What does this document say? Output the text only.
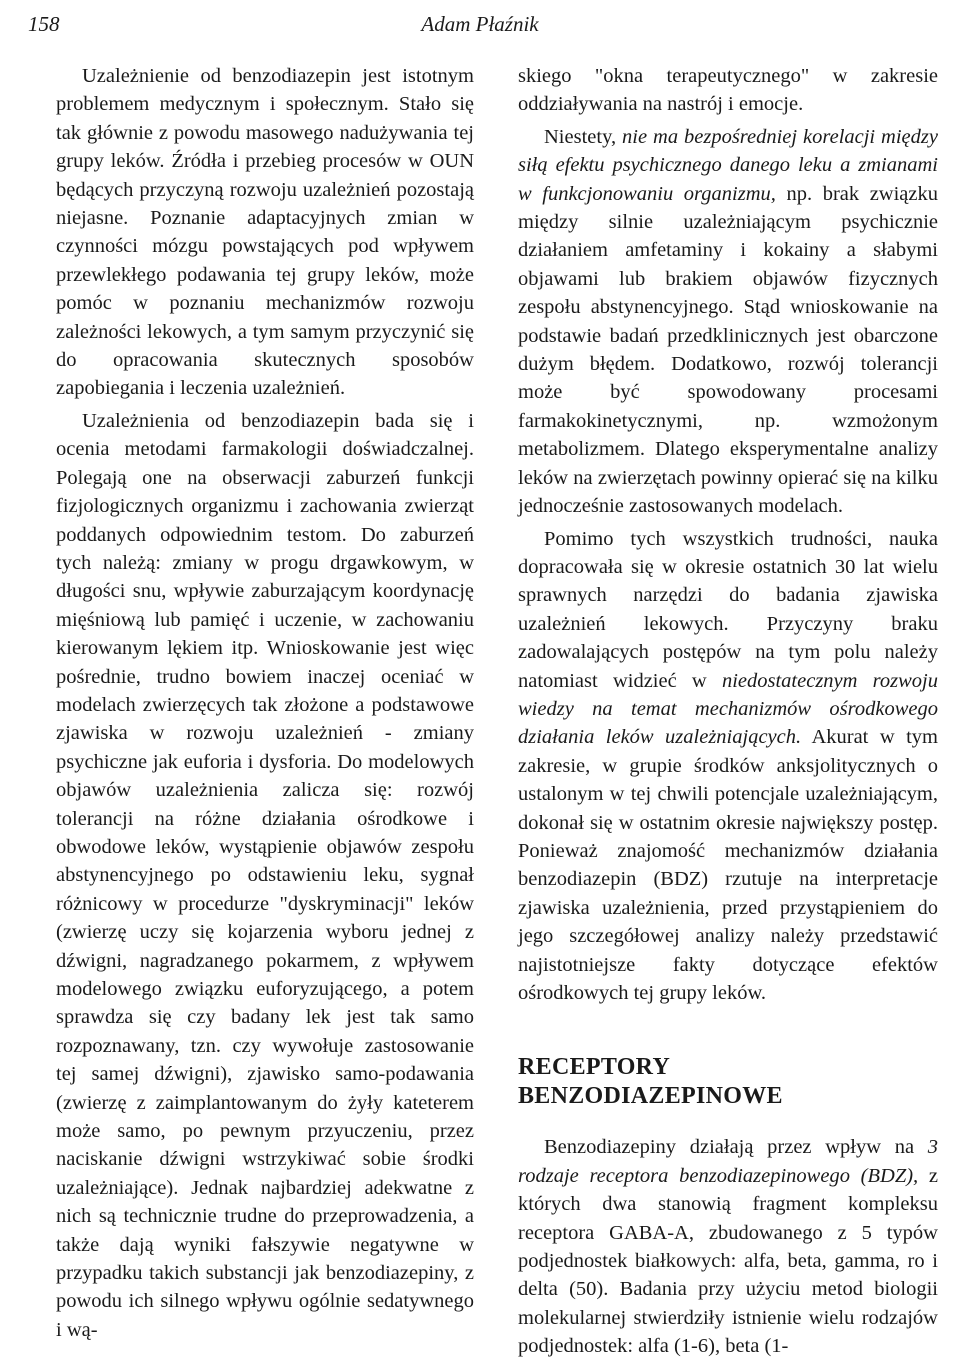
158	Adam Płaźnik

Uzależnienie od benzodiazepin jest istotnym problemem medycznym i społecznym. Stało się tak głównie z powodu masowego nadużywania tej grupy leków. Źródła i przebieg procesów w OUN będących przyczyną rozwoju uzależnień pozostają niejasne. Poznanie adaptacyjnych zmian w czynności mózgu powstających pod wpływem przewlekłego podawania tej grupy leków, może pomóc w poznaniu mechanizmów rozwoju zależności lekowych, a tym samym przyczynić się do opracowania skutecznych sposobów zapobiegania i leczenia uzależnień.

Uzależnienia od benzodiazepin bada się i ocenia metodami farmakologii doświadczalnej. Polegają one na obserwacji zaburzeń funkcji fizjologicznych organizmu i zachowania zwierząt poddanych odpowiednim testom. Do zaburzeń tych należą: zmiany w progu drgawkowym, w długości snu, wpływie zaburzającym koordynację mięśniową lub pamięć i uczenie, w zachowaniu kierowanym lękiem itp. Wnioskowanie jest więc pośrednie, trudno bowiem inaczej oceniać w modelach zwierzęcych tak złożone a podstawowe zjawiska w rozwoju uzależnień - zmiany psychiczne jak euforia i dysforia. Do modelowych objawów uzależnienia zalicza się: rozwój tolerancji na różne działania ośrodkowe i obwodowe leków, wystąpienie objawów zespołu abstynencyjnego po odstawieniu leku, sygnał różnicowy w procedurze "dyskryminacji" leków (zwierzę uczy się kojarzenia wyboru jednej z dźwigni, nagradzanego pokarmem, z wpływem modelowego związku euforyzującego, a potem sprawdza się czy badany lek jest tak samo rozpoznawany, tzn. czy wywołuje zastosowanie tej samej dźwigni), zjawisko samo-podawania (zwierzę z zaimplantowanym do żyły kateterem może samo, po pewnym przyuczeniu, przez naciskanie dźwigni wstrzykiwać sobie środki uzależniające). Jednak najbardziej adekwatne z nich są technicznie trudne do przeprowadzenia, a także dają wyniki fałszywie negatywne w przypadku takich substancji jak benzodiazepiny, z powodu ich silnego wpływu ogólnie sedatywnego i wą-

skiego "okna terapeutycznego" w zakresie oddziaływania na nastrój i emocje.

Niestety, nie ma bezpośredniej korelacji między siłą efektu psychicznego danego leku a zmianami w funkcjonowaniu organizmu, np. brak związku między silnie uzależniającym psychicznie działaniem amfetaminy i kokainy a słabymi objawami lub brakiem objawów fizycznych zespołu abstynencyjnego. Stąd wnioskowanie na podstawie badań przedklinicznych jest obarczone dużym błędem. Dodatkowo, rozwój tolerancji może być spowodowany procesami farmakokinetycznymi, np. wzmożonym metabolizmem. Dlatego eksperymentalne analizy leków na zwierzętach powinny opierać się na kilku jednocześnie zastosowanych modelach.

Pomimo tych wszystkich trudności, nauka dopracowała się w okresie ostatnich 30 lat wielu sprawnych narzędzi do badania zjawiska uzależnień lekowych. Przyczyny braku zadowalających postępów na tym polu należy natomiast widzieć w niedostatecznym rozwoju wiedzy na temat mechanizmów ośrodkowego działania leków uzależniających. Akurat w tym zakresie, w grupie środków anksjolitycznych o ustalonym w tej chwili potencjale uzależniającym, dokonał się w ostatnim okresie największy postęp. Ponieważ znajomość mechanizmów działania benzodiazepin (BDZ) rzutuje na interpretacje zjawiska uzależnienia, przed przystąpieniem do jego szczegółowej analizy należy przedstawić najistotniejsze fakty dotyczące efektów ośrodkowych tej grupy leków.

RECEPTORY
BENZODIAZEPINOWE

Benzodiazepiny działają przez wpływ na 3 rodzaje receptora benzodiazepinowego (BDZ), z których dwa stanowią fragment kompleksu receptora GABA-A, zbudowanego z 5 typów podjednostek białkowych: alfa, beta, gamma, ro i delta (50). Badania przy użyciu metod biologii molekularnej stwierdziły istnienie wielu rodzajów podjednostek: alfa (1-6), beta (1-
